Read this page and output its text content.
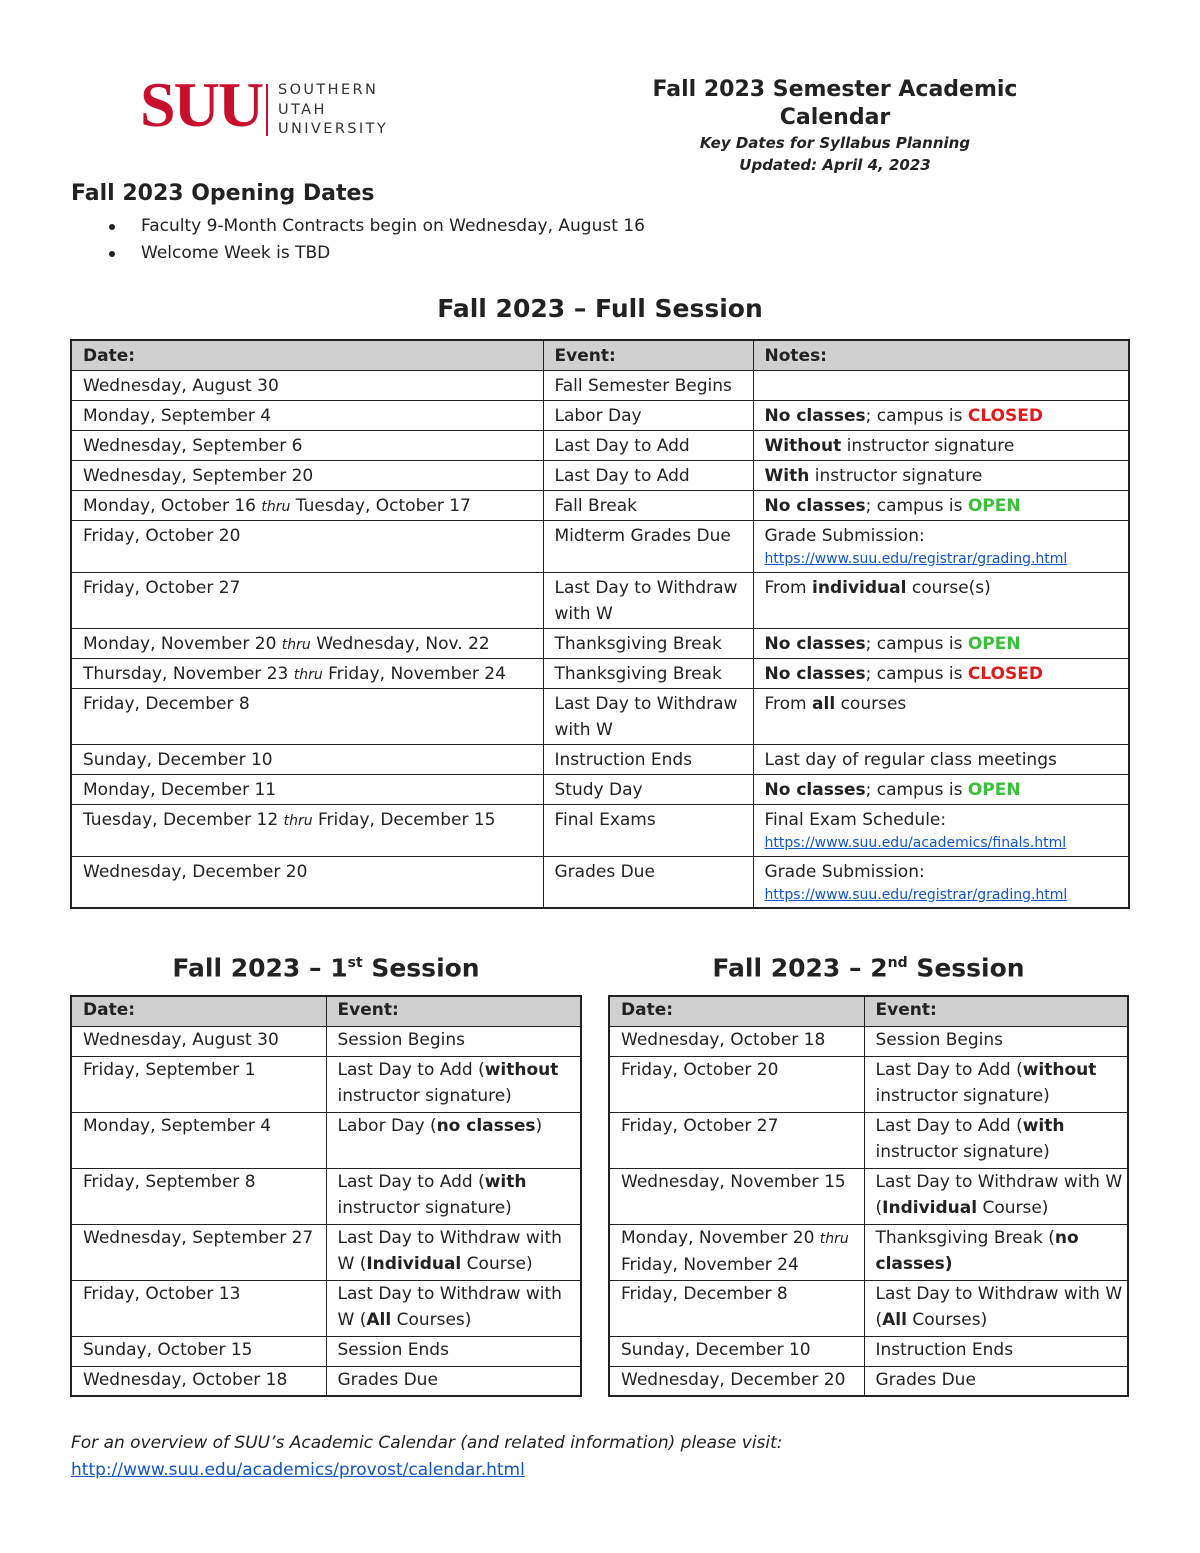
SUU SOUTHERN
UTAH
UNIVERSITY
Fall 2023 Semester Academic Calendar
Key Dates for Syllabus Planning
Updated: April 4, 2023
Fall 2023 Opening Dates
Faculty 9-Month Contracts begin on Wednesday, August 16
Welcome Week is TBD
Fall 2023 – Full Session
Date:	Event:	Notes:
Wednesday, August 30	Fall Semester Begins	
Monday, September 4	Labor Day	No classes; campus is CLOSED
Wednesday, September 6	Last Day to Add	Without instructor signature
Wednesday, September 20	Last Day to Add	With instructor signature
Monday, October 16 thru Tuesday, October 17	Fall Break	No classes; campus is OPEN
Friday, October 20	Midterm Grades Due	Grade Submission:
https://www.suu.edu/registrar/grading.html

Friday, October 27	Last Day to Withdraw with W	From individual course(s)
Monday, November 20 thru Wednesday, Nov. 22	Thanksgiving Break	No classes; campus is OPEN
Thursday, November 23 thru Friday, November 24	Thanksgiving Break	No classes; campus is CLOSED
Friday, December 8	Last Day to Withdraw with W	From all courses
Sunday, December 10	Instruction Ends	Last day of regular class meetings
Monday, December 11	Study Day	No classes; campus is OPEN
Tuesday, December 12 thru Friday, December 15	Final Exams	Final Exam Schedule:
https://www.suu.edu/academics/finals.html

Wednesday, December 20	Grades Due	Grade Submission:
https://www.suu.edu/registrar/grading.html
Fall 2023 – 1st Session
Date:	Event:
Wednesday, August 30	Session Begins
Friday, September 1	Last Day to Add (without instructor signature)
Monday, September 4	Labor Day (no classes)
Friday, September 8	Last Day to Add (with instructor signature)
Wednesday, September 27	Last Day to Withdraw with W (Individual Course)
Friday, October 13	Last Day to Withdraw with W (All Courses)
Sunday, October 15	Session Ends
Wednesday, October 18	Grades Due
Fall 2023 – 2nd Session
Date:	Event:
Wednesday, October 18	Session Begins
Friday, October 20	Last Day to Add (without instructor signature)
Friday, October 27	Last Day to Add (with instructor signature)
Wednesday, November 15	Last Day to Withdraw with W (Individual Course)
Monday, November 20 thru Friday, November 24	Thanksgiving Break (no classes)
Friday, December 8	Last Day to Withdraw with W (All Courses)
Sunday, December 10	Instruction Ends
Wednesday, December 20	Grades Due
For an overview of SUU’s Academic Calendar (and related information) please visit:
http://www.suu.edu/academics/provost/calendar.html
